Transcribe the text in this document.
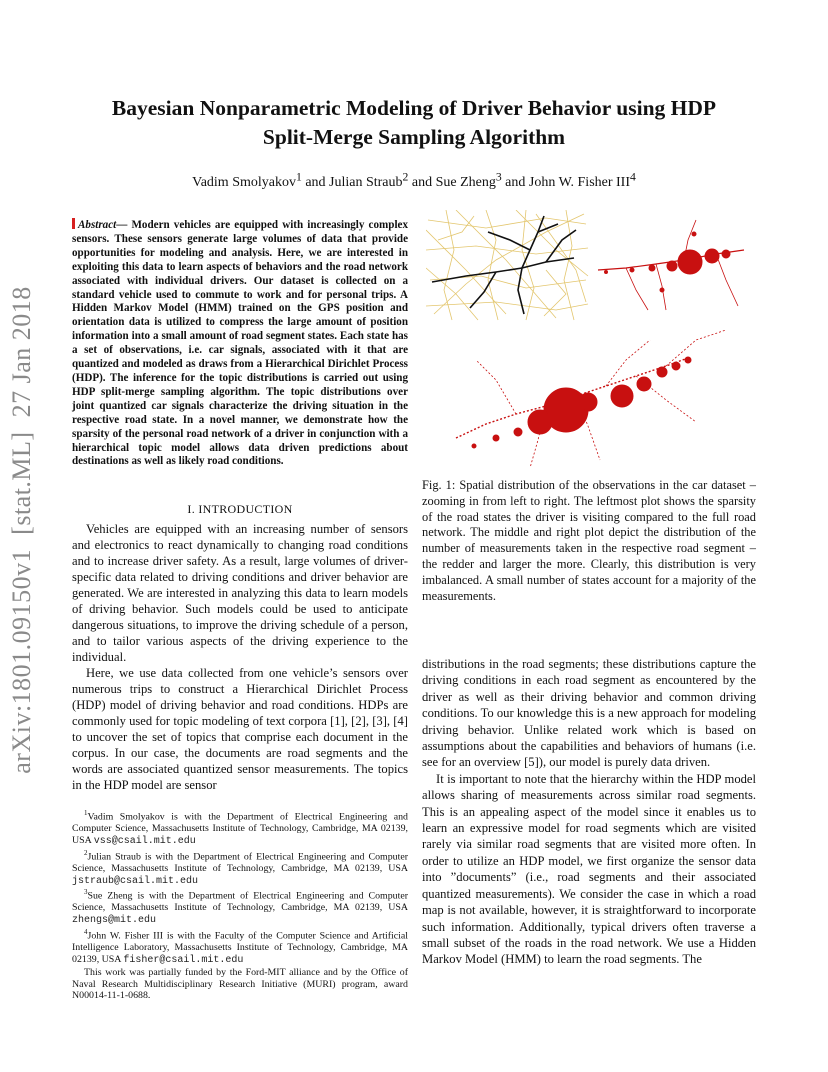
Bayesian Nonparametric Modeling of Driver Behavior using HDP
Split-Merge Sampling Algorithm
Vadim Smolyakov$^1$ and Julian Straub$^2$ and Sue Zheng$^3$ and John W. Fisher III$^4$
arXiv:1801.09150v1  [stat.ML]  27 Jan 2018
Abstract— Modern vehicles are equipped with increasingly complex sensors. These sensors generate large volumes of data that provide opportunities for modeling and analysis. Here, we are interested in exploiting this data to learn aspects of behaviors and the road network associated with individual drivers. Our dataset is collected on a standard vehicle used to commute to work and for personal trips. A Hidden Markov Model (HMM) trained on the GPS position and orientation data is utilized to compress the large amount of position information into a small amount of road segment states. Each state has a set of observations, i.e. car signals, associated with it that are quantized and modeled as draws from a Hierarchical Dirichlet Process (HDP). The inference for the topic distributions is carried out using HDP split-merge sampling algorithm. The topic distributions over joint quantized car signals characterize the driving situation in the respective road state. In a novel manner, we demonstrate how the sparsity of the personal road network of a driver in conjunction with a hierarchical topic model allows data driven predictions about destinations as well as likely road conditions.
I. INTRODUCTION

Vehicles are equipped with an increasing number of sensors and electronics to react dynamically to changing road conditions and to increase driver safety. As a result, large volumes of driver-specific data related to driving conditions and driver behavior are generated. We are interested in analyzing this data to learn models of driving behavior. Such models could be used to anticipate dangerous situations, to improve the driving schedule of a person, and to tailor various aspects of the driving experience to the individual.

Here, we use data collected from one vehicle’s sensors over numerous trips to construct a Hierarchical Dirichlet Process (HDP) model of driving behavior and road conditions. HDPs are commonly used for topic modeling of text corpora [1], [2], [3], [4] to uncover the set of topics that comprise each document in the corpus. In our case, the documents are road segments and the words are associated quantized sensor measurements. The topics in the HDP model are sensor

$^1$Vadim Smolyakov is with the Department of Electrical Engineering and Computer Science, Massachusetts Institute of Technology, Cambridge, MA 02139, USA vss@csail.mit.edu

$^2$Julian Straub is with the Department of Electrical Engineering and Computer Science, Massachusetts Institute of Technology, Cambridge, MA 02139, USA jstraub@csail.mit.edu

$^3$Sue Zheng is with the Department of Electrical Engineering and Computer Science, Massachusetts Institute of Technology, Cambridge, MA 02139, USA zhengs@mit.edu

$^4$John W. Fisher III is with the Faculty of the Computer Science and Artificial Intelligence Laboratory, Massachusetts Institute of Technology, Cambridge, MA 02139, USA fisher@csail.mit.edu

This work was partially funded by the Ford-MIT alliance and by the Office of Naval Research Multidisciplinary Research Initiative (MURI) program, award N00014-11-1-0688.

Fig. 1: Spatial distribution of the observations in the car dataset – zooming in from left to right. The leftmost plot shows the sparsity of the road states the driver is visiting compared to the full road network. The middle and right plot depict the distribution of the number of measurements taken in the respective road segment – the redder and larger the more. Clearly, this distribution is very imbalanced. A small number of states account for a majority of the measurements.

distributions in the road segments; these distributions capture the driving conditions in each road segment as encountered by the driver as well as their driving behavior and common driving conditions. To our knowledge this is a new approach for modeling driving behavior. Unlike related work which is based on assumptions about the capabilities and behaviors of humans (i.e. see for an overview [5]), our model is purely data driven.

It is important to note that the hierarchy within the HDP model allows sharing of measurements across similar road segments. This is an appealing aspect of the model since it enables us to learn an expressive model for road segments which are visited rarely via similar road segments that are visited more often. In order to utilize an HDP model, we first organize the sensor data into ”documents” (i.e., road segments and their associated quantized measurements). We consider the case in which a road map is not available, however, it is straightforward to incorporate such information. Additionally, typical drivers often traverse a small subset of the roads in the road network. We use a Hidden Markov Model (HMM) to learn the road segments. The
